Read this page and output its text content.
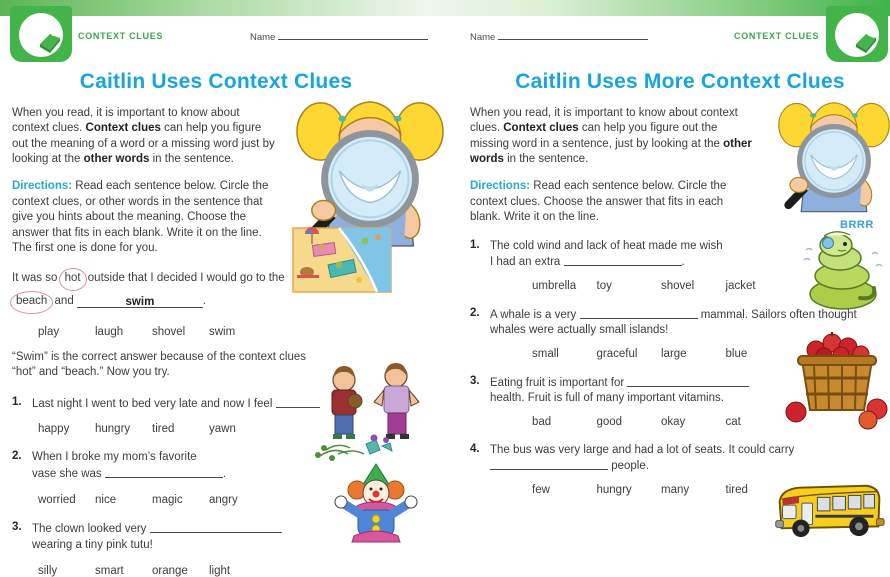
CONTEXT CLUES	Name
Caitlin Uses Context Clues

When you read, it is important to know about context clues. Context clues can help you figure out the meaning of a word or a missing word just by looking at the other words in the sentence.

Directions: Read each sentence below. Circle the context clues, or other words in the sentence that give you hints about the meaning. Choose the answer that fits in each blank. Write it on the line. The first one is done for you.

It was so hot outside that I decided I would go to the beach and	swim	.

play	laugh	shovel	swim

“Swim” is the correct answer because of the context clues “hot” and “beach.” Now you try.

1. Last night I went to bed very late and now I feel
happy	hungry	tired	yawn
2. When I broke my mom’s favorite
vase she was	.
worried	nice	magic	angry
3. The clown looked very
wearing a tiny pink tutu!
silly	smart	orange	light
Name	CONTEXT CLUES
Caitlin Uses More Context Clues

When you read, it is important to know about context clues. Context clues can help you figure out the missing word in a sentence, just by looking at the other words in the sentence.

Directions: Read each sentence below. Circle the context clues. Choose the answer that fits in each blank. Write it on the line.

1. The cold wind and lack of heat made me wish
I had an extra	.
umbrella	toy	shovel	jacket
2. A whale is a very	mammal. Sailors often thought
whales were actually small islands!
small	graceful	large	blue
3. Eating fruit is important for
health. Fruit is full of many important vitamins.
bad	good	okay	cat
4. The bus was very large and had a lot of seats. It could carry
people.
few	hungry	many	tired
BRRR
